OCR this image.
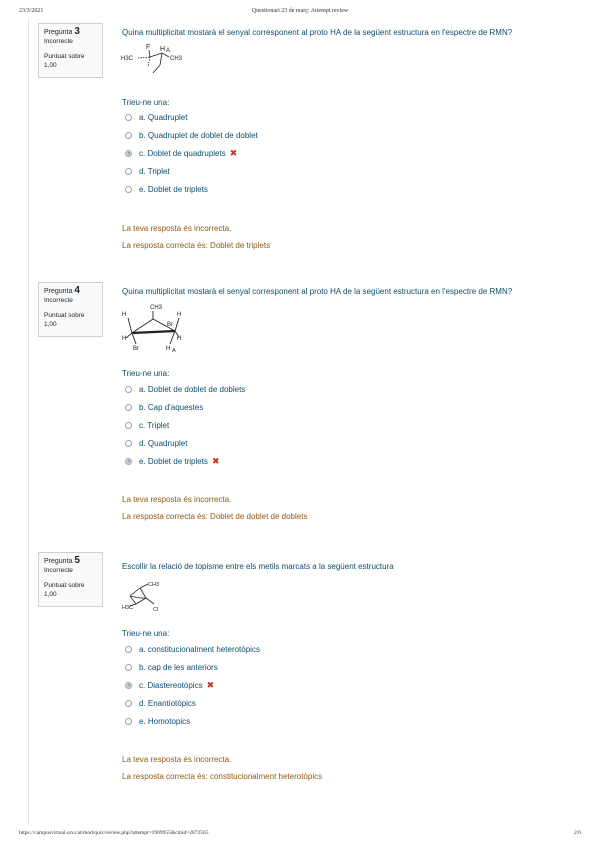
23/3/2021	Questionari 23 de març: Attempt review
Pregunta 3
Incorrecte
Puntuat sobre
1,00
Quina multiplicitat mostarà el senyal corresponent al proto HA de la següent estructura en l'espectre de RMN?
F H A
H3C	CH3
Trieu-ne una:
a. Quadruplet
b. Quadruplet de doblet de doblet
c. Doblet de quadruplets ✖
d. Triplet
e. Doblet de triplets
La teva resposta és incorrecta.
La resposta correcta és: Doblet de triplets
Pregunta 4
Incorrecte
Puntuat sobre
1,00
Quina multiplicitat mostarà el senyal corresponent al proto HA de la següent estructura en l'espectre de RMN?
CH3
H
Br
H
H
Br
H
H A
Trieu-ne una:
a. Doblet de doblet de doblets
b. Cap d'aquestes
c. Triplet
d. Quadruplet
e. Doblet de triplets ✖
La teva resposta és incorrecta.
La resposta correcta és: Doblet de doblet de doblets
Pregunta 5
Incorrecte
Puntuat sobre
1,00
Escollir la relació de topisme entre els metils marcats a la següent estructura
CH3
H3C	Cl
Trieu-ne una:
a. constitucionalment heterotòpics
b. cap de les anteriors
c. Diastereotòpics ✖
d. Enantiotòpics
e. Homotopics
La teva resposta és incorrecta.
La resposta correcta és: constitucionalment heterotòpics
https://campusvirtual.urv.cat/mod/quiz/review.php?attempt=1909955&cmid=2872565	2/6
